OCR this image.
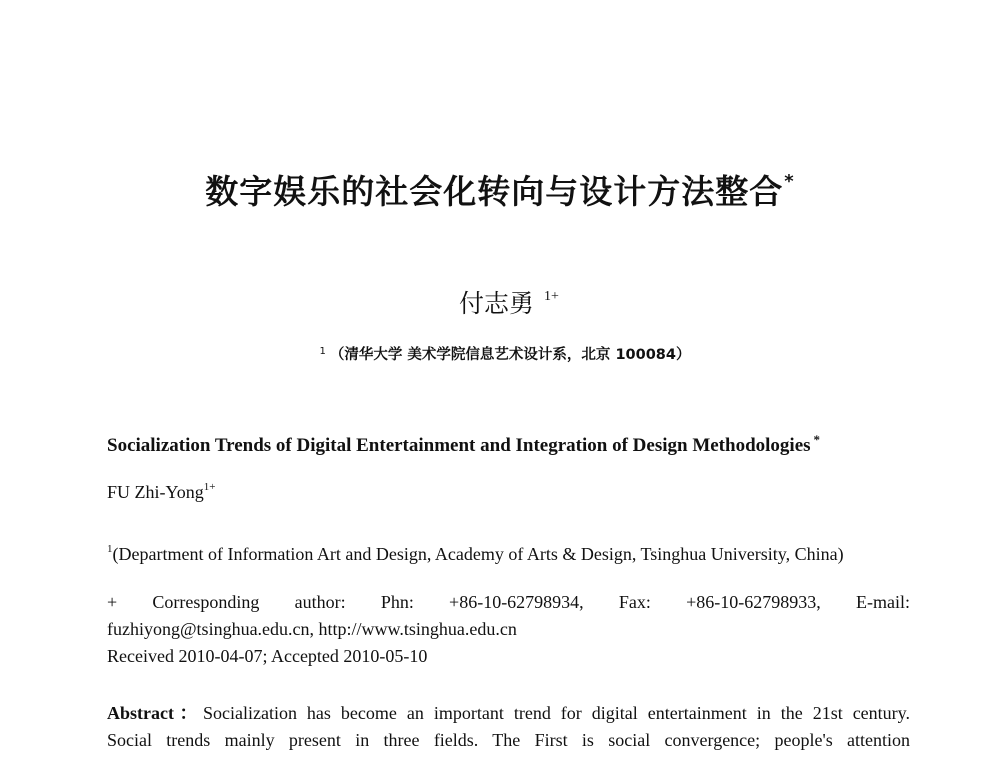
数字娱乐的社会化转向与设计方法整合*
付志勇 $^{1+}$
$^1$ （清华大学 美术学院信息艺术设计系，北京 100084）
Socialization Trends of Digital Entertainment and Integration of Design Methodologies *
FU Zhi-Yong$^{1+}$
$^1$(Department of Information Art and Design, Academy of Arts & Design, Tsinghua University, China)
+ Corresponding author: Phn: +86-10-62798934, Fax: +86-10-62798933, E-mail:
fuzhiyong@tsinghua.edu.cn, http://www.tsinghua.edu.cn
Received 2010-04-07; Accepted 2010-05-10
Abstract：Socialization has become an important trend for digital entertainment in the 21st century.
Social trends mainly present in three fields. The First is social convergence; people's attention
